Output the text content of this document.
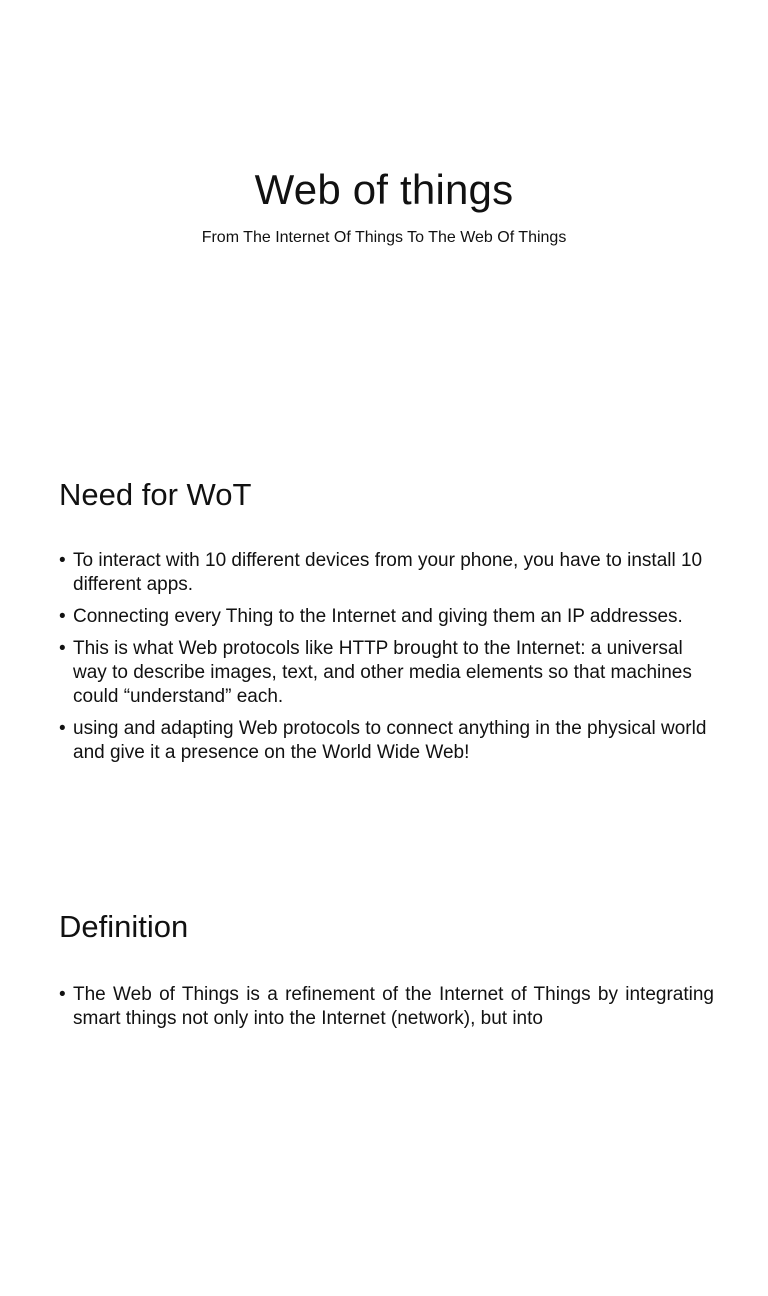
Web of things

From The Internet Of Things To The Web Of Things

Need for WoT
• To interact with 10 different devices from your phone, you have to install 10 different apps.
• Connecting every Thing to the Internet and giving them an IP addresses.
• This is what Web protocols like HTTP brought to the Internet: a universal way to describe images, text, and other media elements so that machines could “understand” each.
• using and adapting Web protocols to connect anything in the physical world and give it a presence on the World Wide Web!
Definition
• The Web of Things is a refinement of the Internet of Things by integrating smart things not only into the Internet (network), but into
